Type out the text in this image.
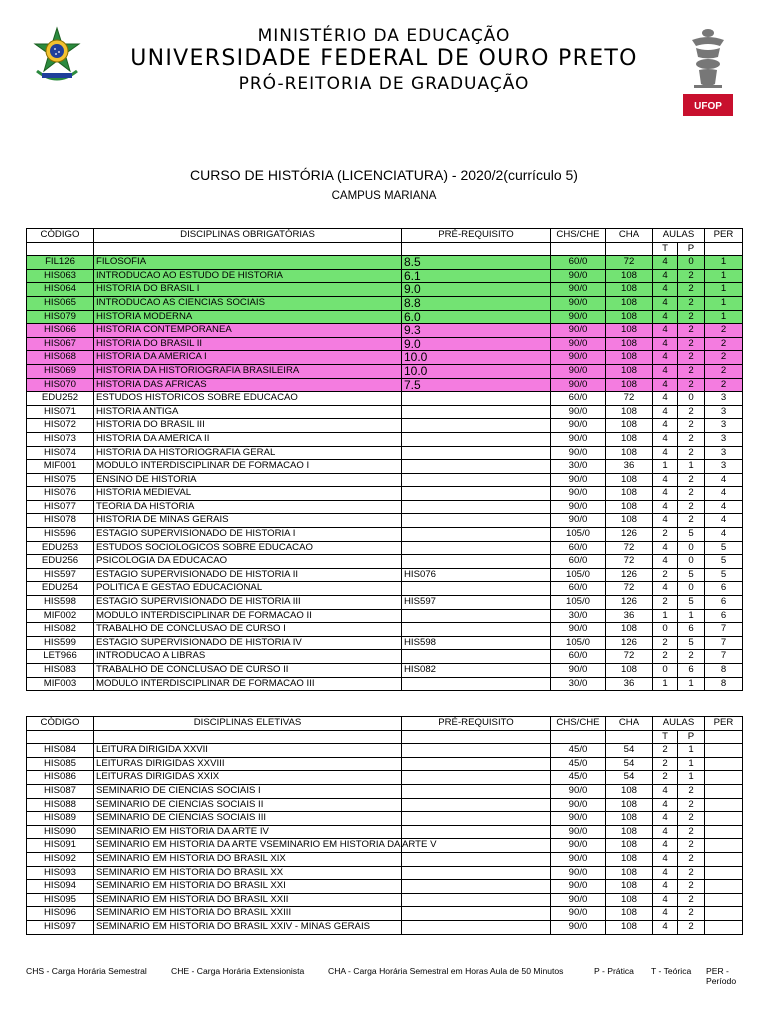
MINISTÉRIO DA EDUCAÇÃO
UNIVERSIDADE FEDERAL DE OURO PRETO
PRÓ-REITORIA DE GRADUAÇÃO
UFOP
CURSO DE HISTÓRIA (LICENCIATURA) - 2020/2(currículo 5)
CAMPUS MARIANA
CÓDIGO	DISCIPLINAS OBRIGATÓRIAS	PRÉ-REQUISITO	CHS/CHE	CHA	AULAS		PER
					T	P	
FIL126	FILOSOFIA	8.5	60/0	72	4	0	1
HIS063	INTRODUCAO AO ESTUDO DE HISTORIA	6.1	90/0	108	4	2	1
HIS064	HISTORIA DO BRASIL I	9.0	90/0	108	4	2	1
HIS065	INTRODUCAO AS CIENCIAS SOCIAIS	8.8	90/0	108	4	2	1
HIS079	HISTORIA MODERNA	6.0	90/0	108	4	2	1
HIS066	HISTORIA CONTEMPORANEA	9.3	90/0	108	4	2	2
HIS067	HISTORIA DO BRASIL II	9.0	90/0	108	4	2	2
HIS068	HISTORIA DA AMERICA I	10.0	90/0	108	4	2	2
HIS069	HISTORIA DA HISTORIOGRAFIA BRASILEIRA	10.0	90/0	108	4	2	2
HIS070	HISTORIA DAS AFRICAS	7.5	90/0	108	4	2	2
EDU252	ESTUDOS HISTORICOS SOBRE EDUCACAO		60/0	72	4	0	3
HIS071	HISTORIA ANTIGA		90/0	108	4	2	3
HIS072	HISTORIA DO BRASIL III		90/0	108	4	2	3
HIS073	HISTORIA DA AMERICA II		90/0	108	4	2	3
HIS074	HISTORIA DA HISTORIOGRAFIA GERAL		90/0	108	4	2	3
MIF001	MODULO INTERDISCIPLINAR DE FORMACAO I		30/0	36	1	1	3
HIS075	ENSINO DE HISTORIA		90/0	108	4	2	4
HIS076	HISTORIA MEDIEVAL		90/0	108	4	2	4
HIS077	TEORIA DA HISTORIA		90/0	108	4	2	4
HIS078	HISTORIA DE MINAS GERAIS		90/0	108	4	2	4
HIS596	ESTAGIO SUPERVISIONADO DE HISTORIA I		105/0	126	2	5	4
EDU253	ESTUDOS SOCIOLOGICOS SOBRE EDUCACAO		60/0	72	4	0	5
EDU256	PSICOLOGIA DA EDUCACAO		60/0	72	4	0	5
HIS597	ESTAGIO SUPERVISIONADO DE HISTORIA II	HIS076	105/0	126	2	5	5
EDU254	POLITICA E GESTAO EDUCACIONAL		60/0	72	4	0	6
HIS598	ESTAGIO SUPERVISIONADO DE HISTORIA III	HIS597	105/0	126	2	5	6
MIF002	MODULO INTERDISCIPLINAR DE FORMACAO II		30/0	36	1	1	6
HIS082	TRABALHO DE CONCLUSAO DE CURSO I		90/0	108	0	6	7
HIS599	ESTAGIO SUPERVISIONADO DE HISTORIA IV	HIS598	105/0	126	2	5	7
LET966	INTRODUCAO A LIBRAS		60/0	72	2	2	7
HIS083	TRABALHO DE CONCLUSAO DE CURSO II	HIS082	90/0	108	0	6	8
MIF003	MODULO INTERDISCIPLINAR DE FORMACAO III		30/0	36	1	1	8
CÓDIGO	DISCIPLINAS ELETIVAS	PRÉ-REQUISITO	CHS/CHE	CHA	AULAS		PER
					T	P	
HIS084	LEITURA DIRIGIDA XXVII		45/0	54	2	1	
HIS085	LEITURAS DIRIGIDAS XXVIII		45/0	54	2	1	
HIS086	LEITURAS DIRIGIDAS XXIX		45/0	54	2	1	
HIS087	SEMINARIO DE CIENCIAS SOCIAIS I		90/0	108	4	2	
HIS088	SEMINARIO DE CIENCIAS SOCIAIS II		90/0	108	4	2	
HIS089	SEMINARIO DE CIENCIAS SOCIAIS III		90/0	108	4	2	
HIS090	SEMINARIO EM HISTORIA DA ARTE IV		90/0	108	4	2	
HIS091	SEMINARIO EM HISTORIA DA ARTE VSEMINARIO EM HISTORIA DA ARTE V		90/0	108	4	2	
HIS092	SEMINARIO EM HISTORIA DO BRASIL XIX		90/0	108	4	2	
HIS093	SEMINARIO EM HISTORIA DO BRASIL XX		90/0	108	4	2	
HIS094	SEMINARIO EM HISTORIA DO BRASIL XXI		90/0	108	4	2	
HIS095	SEMINARIO EM HISTORIA DO BRASIL XXII		90/0	108	4	2	
HIS096	SEMINARIO EM HISTORIA DO BRASIL XXIII		90/0	108	4	2	
HIS097	SEMINARIO EM HISTORIA DO BRASIL XXIV - MINAS GERAIS		90/0	108	4	2	
CHS - Carga Horária Semestral	CHE - Carga Horária Extensionista	CHA - Carga Horária Semestral em Horas Aula de 50 Minutos	P - Prática	T - Teórica	PER - Período
